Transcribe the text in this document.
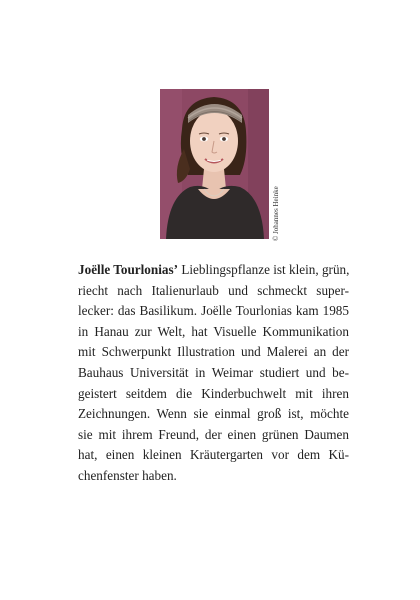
© Johannes Heinke

Joëlle Tourlonias’ Lieblingspflanze ist klein, grün,
riecht nach Italienurlaub und schmeckt super-
lecker: das Basilikum. Joëlle Tourlonias kam 1985
in Hanau zur Welt, hat Visuelle Kommunikation
mit Schwerpunkt Illustration und Malerei an der
Bauhaus Universität in Weimar studiert und be-
geistert seitdem die Kinderbuchwelt mit ihren
Zeichnungen. Wenn sie einmal groß ist, möchte
sie mit ihrem Freund, der einen grünen Daumen
hat, einen kleinen Kräutergarten vor dem Kü-
chenfenster haben.
